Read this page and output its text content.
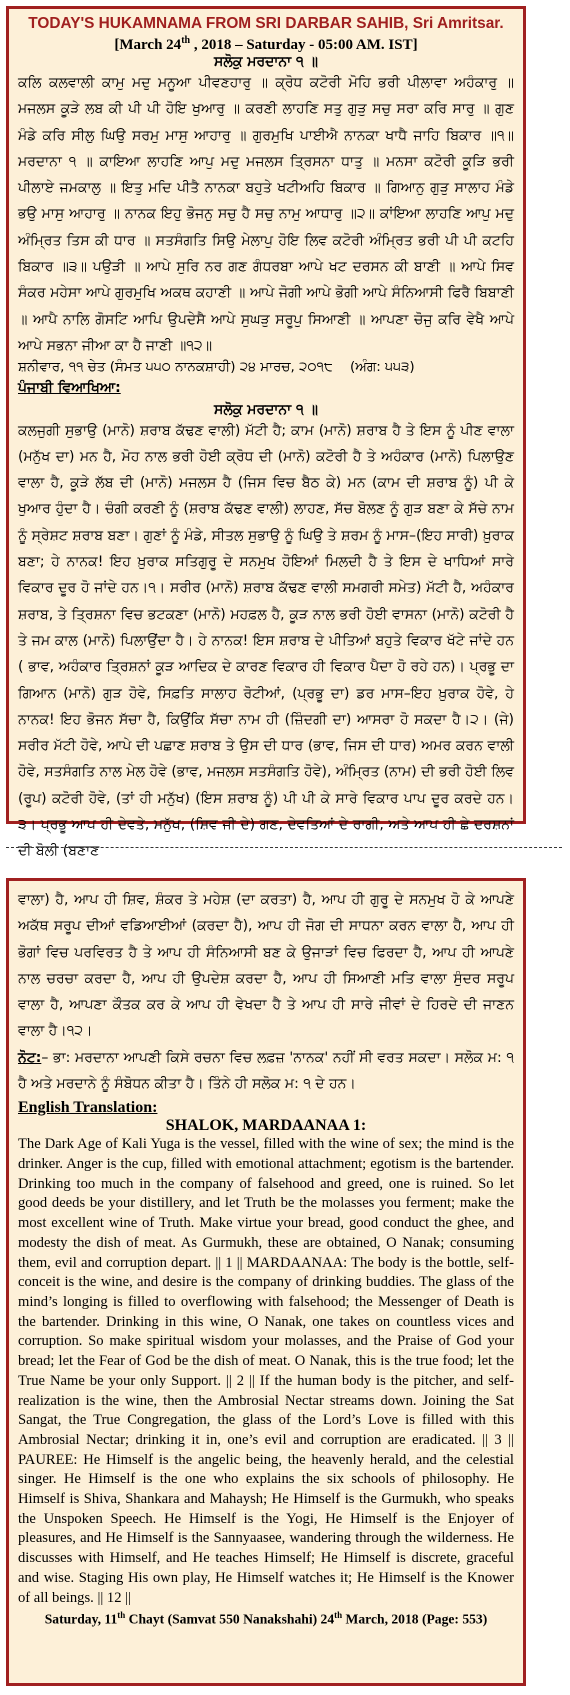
TODAY'S HUKAMNAMA FROM SRI DARBAR SAHIB, Sri Amritsar.
[March 24th , 2018 – Saturday - 05:00 AM. IST]
ਸਲੋਕੁ ਮਰਦਾਨਾ ੧ ॥
ਕਲਿ ਕਲਵਾਲੀ ਕਾਮੁ ਮਦੁ ਮਨੂਆ ਪੀਵਣਹਾਰੁ ॥ ਕ੍ਰੋਧ ਕਟੋਰੀ ਮੋਹਿ ਭਰੀ ਪੀਲਾਵਾ ਅਹੰਕਾਰੁ ॥ ਮਜਲਸ ਕੂੜੇ ਲਬ ਕੀ ਪੀ ਪੀ ਹੋਇ ਖੁਆਰੁ ॥ ਕਰਣੀ ਲਾਹਣਿ ਸਤੁ ਗੁੜੁ ਸਚੁ ਸਰਾ ਕਰਿ ਸਾਰੁ ॥ ਗੁਣ ਮੰਡੇ ਕਰਿ ਸੀਲੁ ਘਿਉ ਸਰਮੁ ਮਾਸੁ ਆਹਾਰੁ ॥ ਗੁਰਮੁਖਿ ਪਾਈਐ ਨਾਨਕਾ ਖਾਧੈ ਜਾਹਿ ਬਿਕਾਰ ॥੧॥ ਮਰਦਾਨਾ ੧ ॥ ਕਾਇਆ ਲਾਹਣਿ ਆਪੁ ਮਦੁ ਮਜਲਸ ਤ੍ਰਿਸਨਾ ਧਾਤੁ ॥ ਮਨਸਾ ਕਟੋਰੀ ਕੂੜਿ ਭਰੀ ਪੀਲਾਏ ਜਮਕਾਲੁ ॥ ਇਤੁ ਮਦਿ ਪੀਤੈ ਨਾਨਕਾ ਬਹੁਤੇ ਖਟੀਅਹਿ ਬਿਕਾਰ ॥ ਗਿਆਨੁ ਗੁੜੁ ਸਾਲਾਹ ਮੰਡੇ ਭਉ ਮਾਸੁ ਆਹਾਰੁ ॥ ਨਾਨਕ ਇਹੁ ਭੋਜਨੁ ਸਚੁ ਹੈ ਸਚੁ ਨਾਮੁ ਆਧਾਰੁ ॥੨॥ ਕਾਂਇਆ ਲਾਹਣਿ ਆਪੁ ਮਦੁ ਅੰਮ੍ਰਿਤ ਤਿਸ ਕੀ ਧਾਰ ॥ ਸਤਸੰਗਤਿ ਸਿਉ ਮੇਲਾਪੁ ਹੋਇ ਲਿਵ ਕਟੋਰੀ ਅੰਮ੍ਰਿਤ ਭਰੀ ਪੀ ਪੀ ਕਟਹਿ ਬਿਕਾਰ ॥੩॥ ਪਉੜੀ ॥ ਆਪੇ ਸੁਰਿ ਨਰ ਗਣ ਗੰਧਰਬਾ ਆਪੇ ਖਟ ਦਰਸਨ ਕੀ ਬਾਣੀ ॥ ਆਪੇ ਸਿਵ ਸੰਕਰ ਮਹੇਸਾ ਆਪੇ ਗੁਰਮੁਖਿ ਅਕਥ ਕਹਾਣੀ ॥ ਆਪੇ ਜੋਗੀ ਆਪੇ ਭੋਗੀ ਆਪੇ ਸੰਨਿਆਸੀ ਫਿਰੈ ਬਿਬਾਣੀ ॥ ਆਪੈ ਨਾਲਿ ਗੋਸਟਿ ਆਪਿ ਉਪਦੇਸੈ ਆਪੇ ਸੁਘੜੁ ਸਰੂਪੁ ਸਿਆਣੀ ॥ ਆਪਣਾ ਚੋਜੁ ਕਰਿ ਵੇਖੈ ਆਪੇ ਆਪੇ ਸਭਨਾ ਜੀਆ ਕਾ ਹੈ ਜਾਣੀ ॥੧੨॥
ਸ਼ਨੀਵਾਰ, ੧੧ ਚੇਤ (ਸੰਮਤ ੫੫੦ ਨਾਨਕਸ਼ਾਹੀ) ੨੪ ਮਾਰਚ, ੨੦੧੮ (ਅੰਗ: ੫੫੩)
ਪੰਜਾਬੀ ਵਿਆਖਿਆ:
ਸਲੋਕੁ ਮਰਦਾਨਾ ੧ ॥
ਕਲਜੁਗੀ ਸੁਭਾਉ (ਮਾਨੋ) ਸ਼ਰਾਬ ਕੱਢਣ ਵਾਲੀ) ਮੱਟੀ ਹੈ; ਕਾਮ (ਮਾਨੋ) ਸ਼ਰਾਬ ਹੈ ਤੇ ਇਸ ਨੂੰ ਪੀਣ ਵਾਲਾ (ਮਨੁੱਖ ਦਾ) ਮਨ ਹੈ, ਮੋਹ ਨਾਲ ਭਰੀ ਹੋਈ ਕ੍ਰੋਧ ਦੀ (ਮਾਨੋ) ਕਟੋਰੀ ਹੈ ਤੇ ਅਹੰਕਾਰ (ਮਾਨੋ) ਪਿਲਾਉਣ ਵਾਲਾ ਹੈ, ਕੂੜੇ ਲੱਬ ਦੀ (ਮਾਨੋ) ਮਜਲਸ ਹੈ (ਜਿਸ ਵਿਚ ਬੈਠ ਕੇ) ਮਨ (ਕਾਮ ਦੀ ਸ਼ਰਾਬ ਨੂੰ) ਪੀ ਕੇ ਖੁਆਰ ਹੁੰਦਾ ਹੈ। ਚੰਗੀ ਕਰਣੀ ਨੂੰ (ਸ਼ਰਾਬ ਕੱਢਣ ਵਾਲੀ) ਲਾਹਣ, ਸੱਚ ਬੋਲਣ ਨੂੰ ਗੁੜ ਬਣਾ ਕੇ ਸੱਚੇ ਨਾਮ ਨੂੰ ਸ੍ਰੇਸ਼ਟ ਸ਼ਰਾਬ ਬਣਾ। ਗੁਣਾਂ ਨੂੰ ਮੰਡੇ, ਸੀਤਲ ਸੁਭਾਉ ਨੂੰ ਘਿਉ ਤੇ ਸ਼ਰਮ ਨੂੰ ਮਾਸ–(ਇਹ ਸਾਰੀ) ਖ਼ੁਰਾਕ ਬਣਾ; ਹੇ ਨਾਨਕ! ਇਹ ਖ਼ੁਰਾਕ ਸਤਿਗੁਰੂ ਦੇ ਸਨਮੁਖ ਹੋਇਆਂ ਮਿਲਦੀ ਹੈ ਤੇ ਇਸ ਦੇ ਖਾਧਿਆਂ ਸਾਰੇ ਵਿਕਾਰ ਦੂਰ ਹੋ ਜਾਂਦੇ ਹਨ।੧। ਸਰੀਰ (ਮਾਨੋ) ਸ਼ਰਾਬ ਕੱਢਣ ਵਾਲੀ ਸਮਗਰੀ ਸਮੇਤ) ਮੱਟੀ ਹੈ, ਅਹੰਕਾਰ ਸ਼ਰਾਬ, ਤੇ ਤ੍ਰਿਸ਼ਨਾ ਵਿਚ ਭਟਕਣਾ (ਮਾਨੋ) ਮਹਫ਼ਲ ਹੈ, ਕੂੜ ਨਾਲ ਭਰੀ ਹੋਈ ਵਾਸਨਾ (ਮਾਨੋ) ਕਟੋਰੀ ਹੈ ਤੇ ਜਮ ਕਾਲ (ਮਾਨੋ) ਪਿਲਾਉਂਦਾ ਹੈ। ਹੇ ਨਾਨਕ! ਇਸ ਸ਼ਰਾਬ ਦੇ ਪੀਤਿਆਂ ਬਹੁਤੇ ਵਿਕਾਰ ਖੱਟੇ ਜਾਂਦੇ ਹਨ ( ਭਾਵ, ਅਹੰਕਾਰ ਤ੍ਰਿਸ਼ਨਾਂ ਕੂੜ ਆਦਿਕ ਦੇ ਕਾਰਣ ਵਿਕਾਰ ਹੀ ਵਿਕਾਰ ਪੈਦਾ ਹੋ ਰਹੇ ਹਨ)। ਪ੍ਰਭੂ ਦਾ ਗਿਆਨ (ਮਾਨੋ) ਗੁੜ ਹੋਵੇ, ਸਿਫ਼ਤਿ ਸਾਲਾਹ ਰੋਟੀਆਂ, (ਪ੍ਰਭੂ ਦਾ) ਡਰ ਮਾਸ–ਇਹ ਖ਼ੁਰਾਕ ਹੋਵੇ, ਹੇ ਨਾਨਕ! ਇਹ ਭੋਜਨ ਸੱਚਾ ਹੈ, ਕਿਉਂਕਿ ਸੱਚਾ ਨਾਮ ਹੀ (ਜ਼ਿੰਦਗੀ ਦਾ) ਆਸਰਾ ਹੋ ਸਕਦਾ ਹੈ।੨। (ਜੇ) ਸਰੀਰ ਮੱਟੀ ਹੋਵੇ, ਆਪੇ ਦੀ ਪਛਾਣ ਸ਼ਰਾਬ ਤੇ ਉਸ ਦੀ ਧਾਰ (ਭਾਵ, ਜਿਸ ਦੀ ਧਾਰ) ਅਮਰ ਕਰਨ ਵਾਲੀ ਹੋਵੇ, ਸਤਸੰਗਤਿ ਨਾਲ ਮੇਲ ਹੋਵੇ (ਭਾਵ, ਮਜਲਸ ਸਤਸੰਗਤਿ ਹੋਵੇ), ਅੰਮ੍ਰਿਤ (ਨਾਮ) ਦੀ ਭਰੀ ਹੋਈ ਲਿਵ (ਰੂਪ) ਕਟੋਰੀ ਹੋਵੇ, (ਤਾਂ ਹੀ ਮਨੁੱਖ) (ਇਸ ਸ਼ਰਾਬ ਨੂੰ) ਪੀ ਪੀ ਕੇ ਸਾਰੇ ਵਿਕਾਰ ਪਾਪ ਦੂਰ ਕਰਦੇ ਹਨ।੩। ਪ੍ਰਭੂ ਆਪ ਹੀ ਦੇਵਤੇ, ਮਨੁੱਖ, (ਸ਼ਿਵ ਜੀ ਦੇ) ਗਣ, ਦੇਵਤਿਆਂ ਦੇ ਰਾਗੀ, ਅਤੇ ਆਪ ਹੀ ਛੇ ਦਰਸ਼ਨਾਂ ਦੀ ਬੋਲੀ (ਬਣਾਣ
ਵਾਲਾ) ਹੈ, ਆਪ ਹੀ ਸ਼ਿਵ, ਸ਼ੰਕਰ ਤੇ ਮਹੇਸ਼ (ਦਾ ਕਰਤਾ) ਹੈ, ਆਪ ਹੀ ਗੁਰੂ ਦੇ ਸਨਮੁਖ ਹੋ ਕੇ ਆਪਣੇ ਅਕੱਥ ਸਰੂਪ ਦੀਆਂ ਵਡਿਆਈਆਂ (ਕਰਦਾ ਹੈ), ਆਪ ਹੀ ਜੋਗ ਦੀ ਸਾਧਨਾ ਕਰਨ ਵਾਲਾ ਹੈ, ਆਪ ਹੀ ਭੋਗਾਂ ਵਿਚ ਪਰਵਿਰਤ ਹੈ ਤੇ ਆਪ ਹੀ ਸੰਨਿਆਸੀ ਬਣ ਕੇ ਉਜਾੜਾਂ ਵਿਚ ਫਿਰਦਾ ਹੈ, ਆਪ ਹੀ ਆਪਣੇ ਨਾਲ ਚਰਚਾ ਕਰਦਾ ਹੈ, ਆਪ ਹੀ ਉਪਦੇਸ਼ ਕਰਦਾ ਹੈ, ਆਪ ਹੀ ਸਿਆਣੀ ਮਤਿ ਵਾਲਾ ਸੁੰਦਰ ਸਰੂਪ ਵਾਲਾ ਹੈ, ਆਪਣਾ ਕੌਤਕ ਕਰ ਕੇ ਆਪ ਹੀ ਵੇਖਦਾ ਹੈ ਤੇ ਆਪ ਹੀ ਸਾਰੇ ਜੀਵਾਂ ਦੇ ਹਿਰਦੇ ਦੀ ਜਾਣਨ ਵਾਲਾ ਹੈ।੧੨।
ਨੋਟ:– ਭਾ: ਮਰਦਾਨਾ ਆਪਣੀ ਕਿਸੇ ਰਚਨਾ ਵਿਚ ਲਫ਼ਜ਼ 'ਨਾਨਕ' ਨਹੀਂ ਸੀ ਵਰਤ ਸਕਦਾ। ਸਲੋਕ ਮ: ੧ ਹੈ ਅਤੇ ਮਰਦਾਨੇ ਨੂੰ ਸੰਬੋਧਨ ਕੀਤਾ ਹੈ। ਤਿੰਨੇ ਹੀ ਸਲੋਕ ਮ: ੧ ਦੇ ਹਨ।
English Translation:
SHALOK, MARDAANAA 1:
The Dark Age of Kali Yuga is the vessel, filled with the wine of sex; the mind is the drinker. Anger is the cup, filled with emotional attachment; egotism is the bartender. Drinking too much in the company of falsehood and greed, one is ruined. So let good deeds be your distillery, and let Truth be the molasses you ferment; make the most excellent wine of Truth. Make virtue your bread, good conduct the ghee, and modesty the dish of meat. As Gurmukh, these are obtained, O Nanak; consuming them, evil and corruption depart. || 1 || MARDAANAA: The body is the bottle, self-conceit is the wine, and desire is the company of drinking buddies. The glass of the mind’s longing is filled to overflowing with falsehood; the Messenger of Death is the bartender. Drinking in this wine, O Nanak, one takes on countless vices and corruption. So make spiritual wisdom your molasses, and the Praise of God your bread; let the Fear of God be the dish of meat. O Nanak, this is the true food; let the True Name be your only Support. || 2 || If the human body is the pitcher, and self-realization is the wine, then the Ambrosial Nectar streams down. Joining the Sat Sangat, the True Congregation, the glass of the Lord’s Love is filled with this Ambrosial Nectar; drinking it in, one’s evil and corruption are eradicated. || 3 || PAUREE: He Himself is the angelic being, the heavenly herald, and the celestial singer. He Himself is the one who explains the six schools of philosophy. He Himself is Shiva, Shankara and Mahaysh; He Himself is the Gurmukh, who speaks the Unspoken Speech. He Himself is the Yogi, He Himself is the Enjoyer of pleasures, and He Himself is the Sannyaasee, wandering through the wilderness. He discusses with Himself, and He teaches Himself; He Himself is discrete, graceful and wise. Staging His own play, He Himself watches it; He Himself is the Knower of all beings. || 12 ||
Saturday, 11th Chayt (Samvat 550 Nanakshahi) 24th March, 2018 (Page: 553)
